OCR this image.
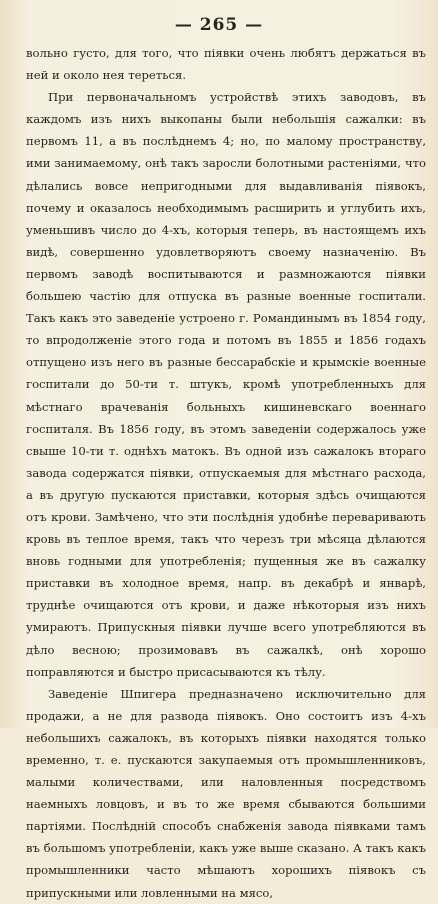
— 265 —

вольно густо, для того, что піявки очень любятъ держаться въ ней и около нея тереться.

При первоначальномъ устройствѣ этихъ заводовъ, въ каждомъ изъ нихъ выкопаны были небольшія сажалки: въ первомъ 11, а въ послѣднемъ 4; но, по малому пространству, ими занимаемому, онѣ такъ заросли болотными растеніями, что дѣлались вовсе непригодными для выдавливанія піявокъ, почему и оказалось необходимымъ расширить и углубить ихъ, уменьшивъ число до 4-хъ, которыя теперь, въ настоящемъ ихъ видѣ, совершенно удовлетворяютъ своему назначенію. Въ первомъ заводѣ воспитываются и размножаются піявки большею частію для отпуска въ разные военные госпитали. Такъ какъ это заведеніе устроено г. Романдинымъ въ 1854 году, то впродолженіе этого года и потомъ въ 1855 и 1856 годахъ отпущено изъ него въ разные бессарабскіе и крымскіе военные госпитали до 50-ти т. штукъ, кромѣ употребленныхъ для мѣстнаго врачеванія больныхъ кишиневскаго военнаго госпиталя. Въ 1856 году, въ этомъ заведеніи содержалось уже свыше 10-ти т. однѣхъ матокъ. Въ одной изъ сажалокъ втораго завода содержатся піявки, отпускаемыя для мѣстнаго расхода, а въ другую пускаются приставки, которыя здѣсь очищаются отъ крови. Замѣчено, что эти послѣднія удобнѣе переваривають кровь въ теплое время, такъ что черезъ три мѣсяца дѣлаются вновь годными для употребленія; пущенныя же въ сажалку приставки въ холодное время, напр. въ декабрѣ и январѣ, труднѣе очищаются отъ крови, и даже нѣкоторыя изъ нихъ умираютъ. Припускныя піявки лучше всего употребляются въ дѣло весною; прозимовавъ въ сажалкѣ, онѣ хорошо поправляются и быстро присасываются къ тѣлу.

Заведеніе Шпигера предназначено исключительно для продажи, а не для развода піявокъ. Оно состоитъ изъ 4-хъ небольшихъ сажалокъ, въ которыхъ піявки находятся только временно, т. е. пускаются закупаемыя отъ промышленниковъ, малыми количествами, или наловленныя посредствомъ наемныхъ ловцовъ, и въ то же время сбываются большими партіями. Послѣдній способъ снабженія завода піявками тамъ въ большомъ употребленіи, какъ уже выше сказано. А такъ какъ промышленники часто мѣшаютъ хорошихъ піявокъ съ припускными или ловленными на мясо,
